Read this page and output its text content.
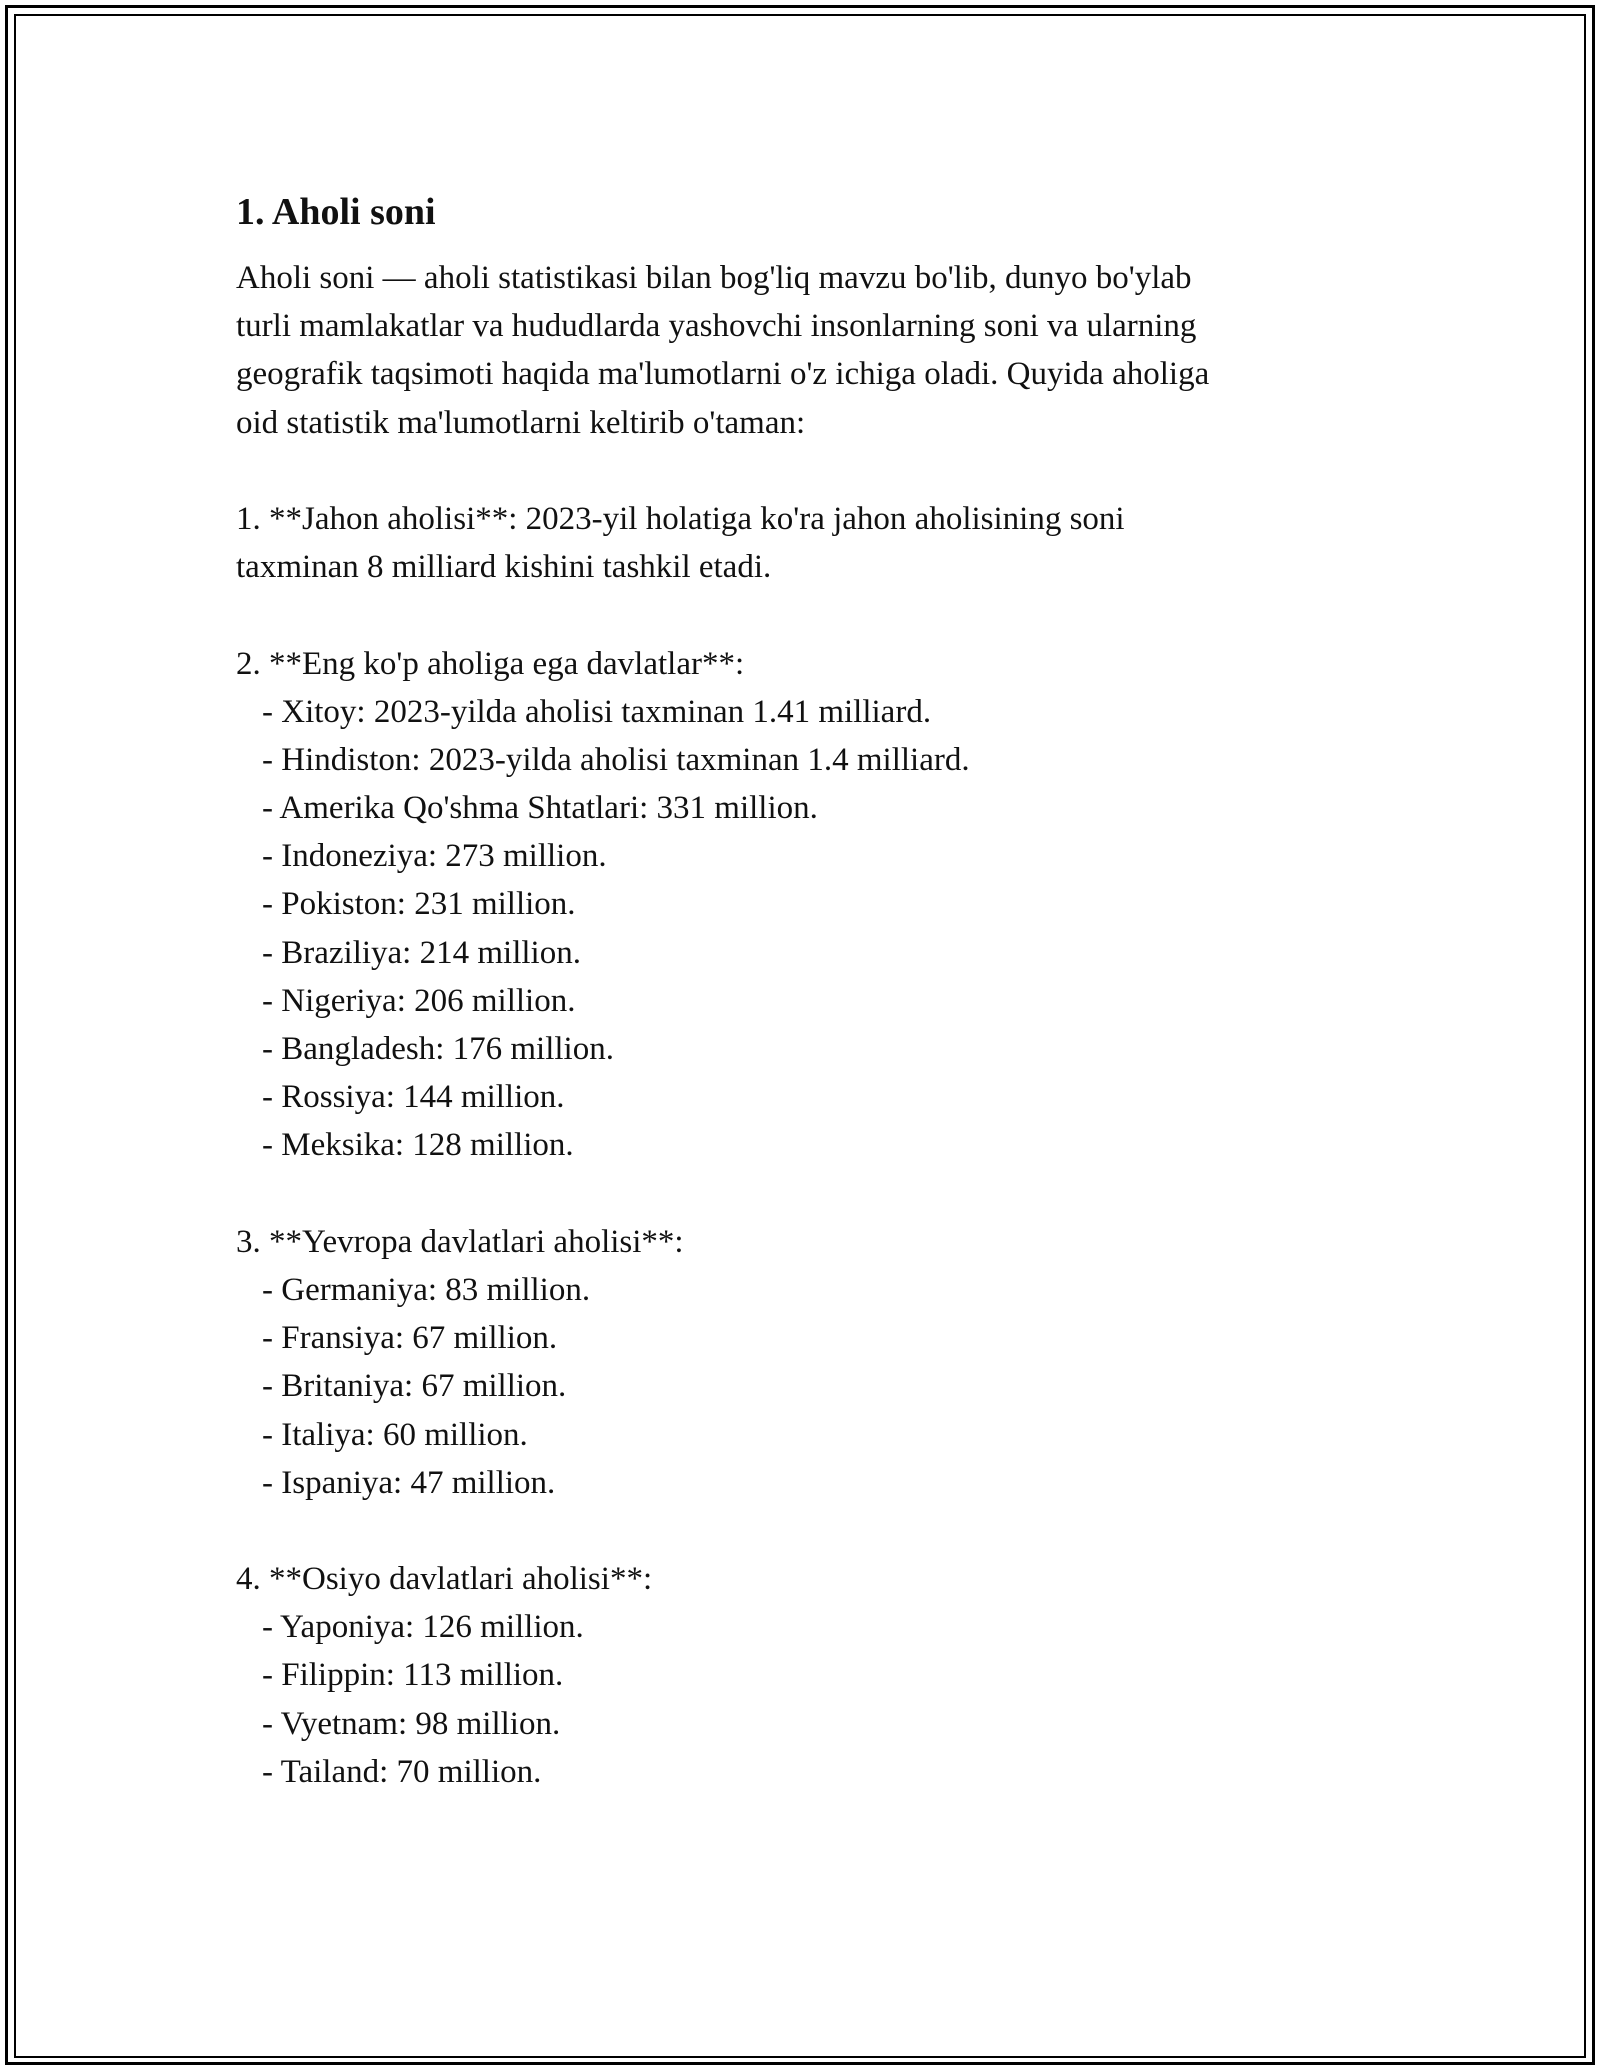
1. Aholi soni
Aholi soni — aholi statistikasi bilan bog'liq mavzu bo'lib, dunyo bo'ylab
turli mamlakatlar va hududlarda yashovchi insonlarning soni va ularning
geografik taqsimoti haqida ma'lumotlarni o'z ichiga oladi. Quyida aholiga
oid statistik ma'lumotlarni keltirib o'taman:
1. **Jahon aholisi**: 2023-yil holatiga ko'ra jahon aholisining soni
taxminan 8 milliard kishini tashkil etadi.
2. **Eng ko'p aholiga ega davlatlar**:
- Xitoy: 2023-yilda aholisi taxminan 1.41 milliard.
- Hindiston: 2023-yilda aholisi taxminan 1.4 milliard.
- Amerika Qo'shma Shtatlari: 331 million.
- Indoneziya: 273 million.
- Pokiston: 231 million.
- Braziliya: 214 million.
- Nigeriya: 206 million.
- Bangladesh: 176 million.
- Rossiya: 144 million.
- Meksika: 128 million.
3. **Yevropa davlatlari aholisi**:
- Germaniya: 83 million.
- Fransiya: 67 million.
- Britaniya: 67 million.
- Italiya: 60 million.
- Ispaniya: 47 million.
4. **Osiyo davlatlari aholisi**:
- Yaponiya: 126 million.
- Filippin: 113 million.
- Vyetnam: 98 million.
- Tailand: 70 million.
